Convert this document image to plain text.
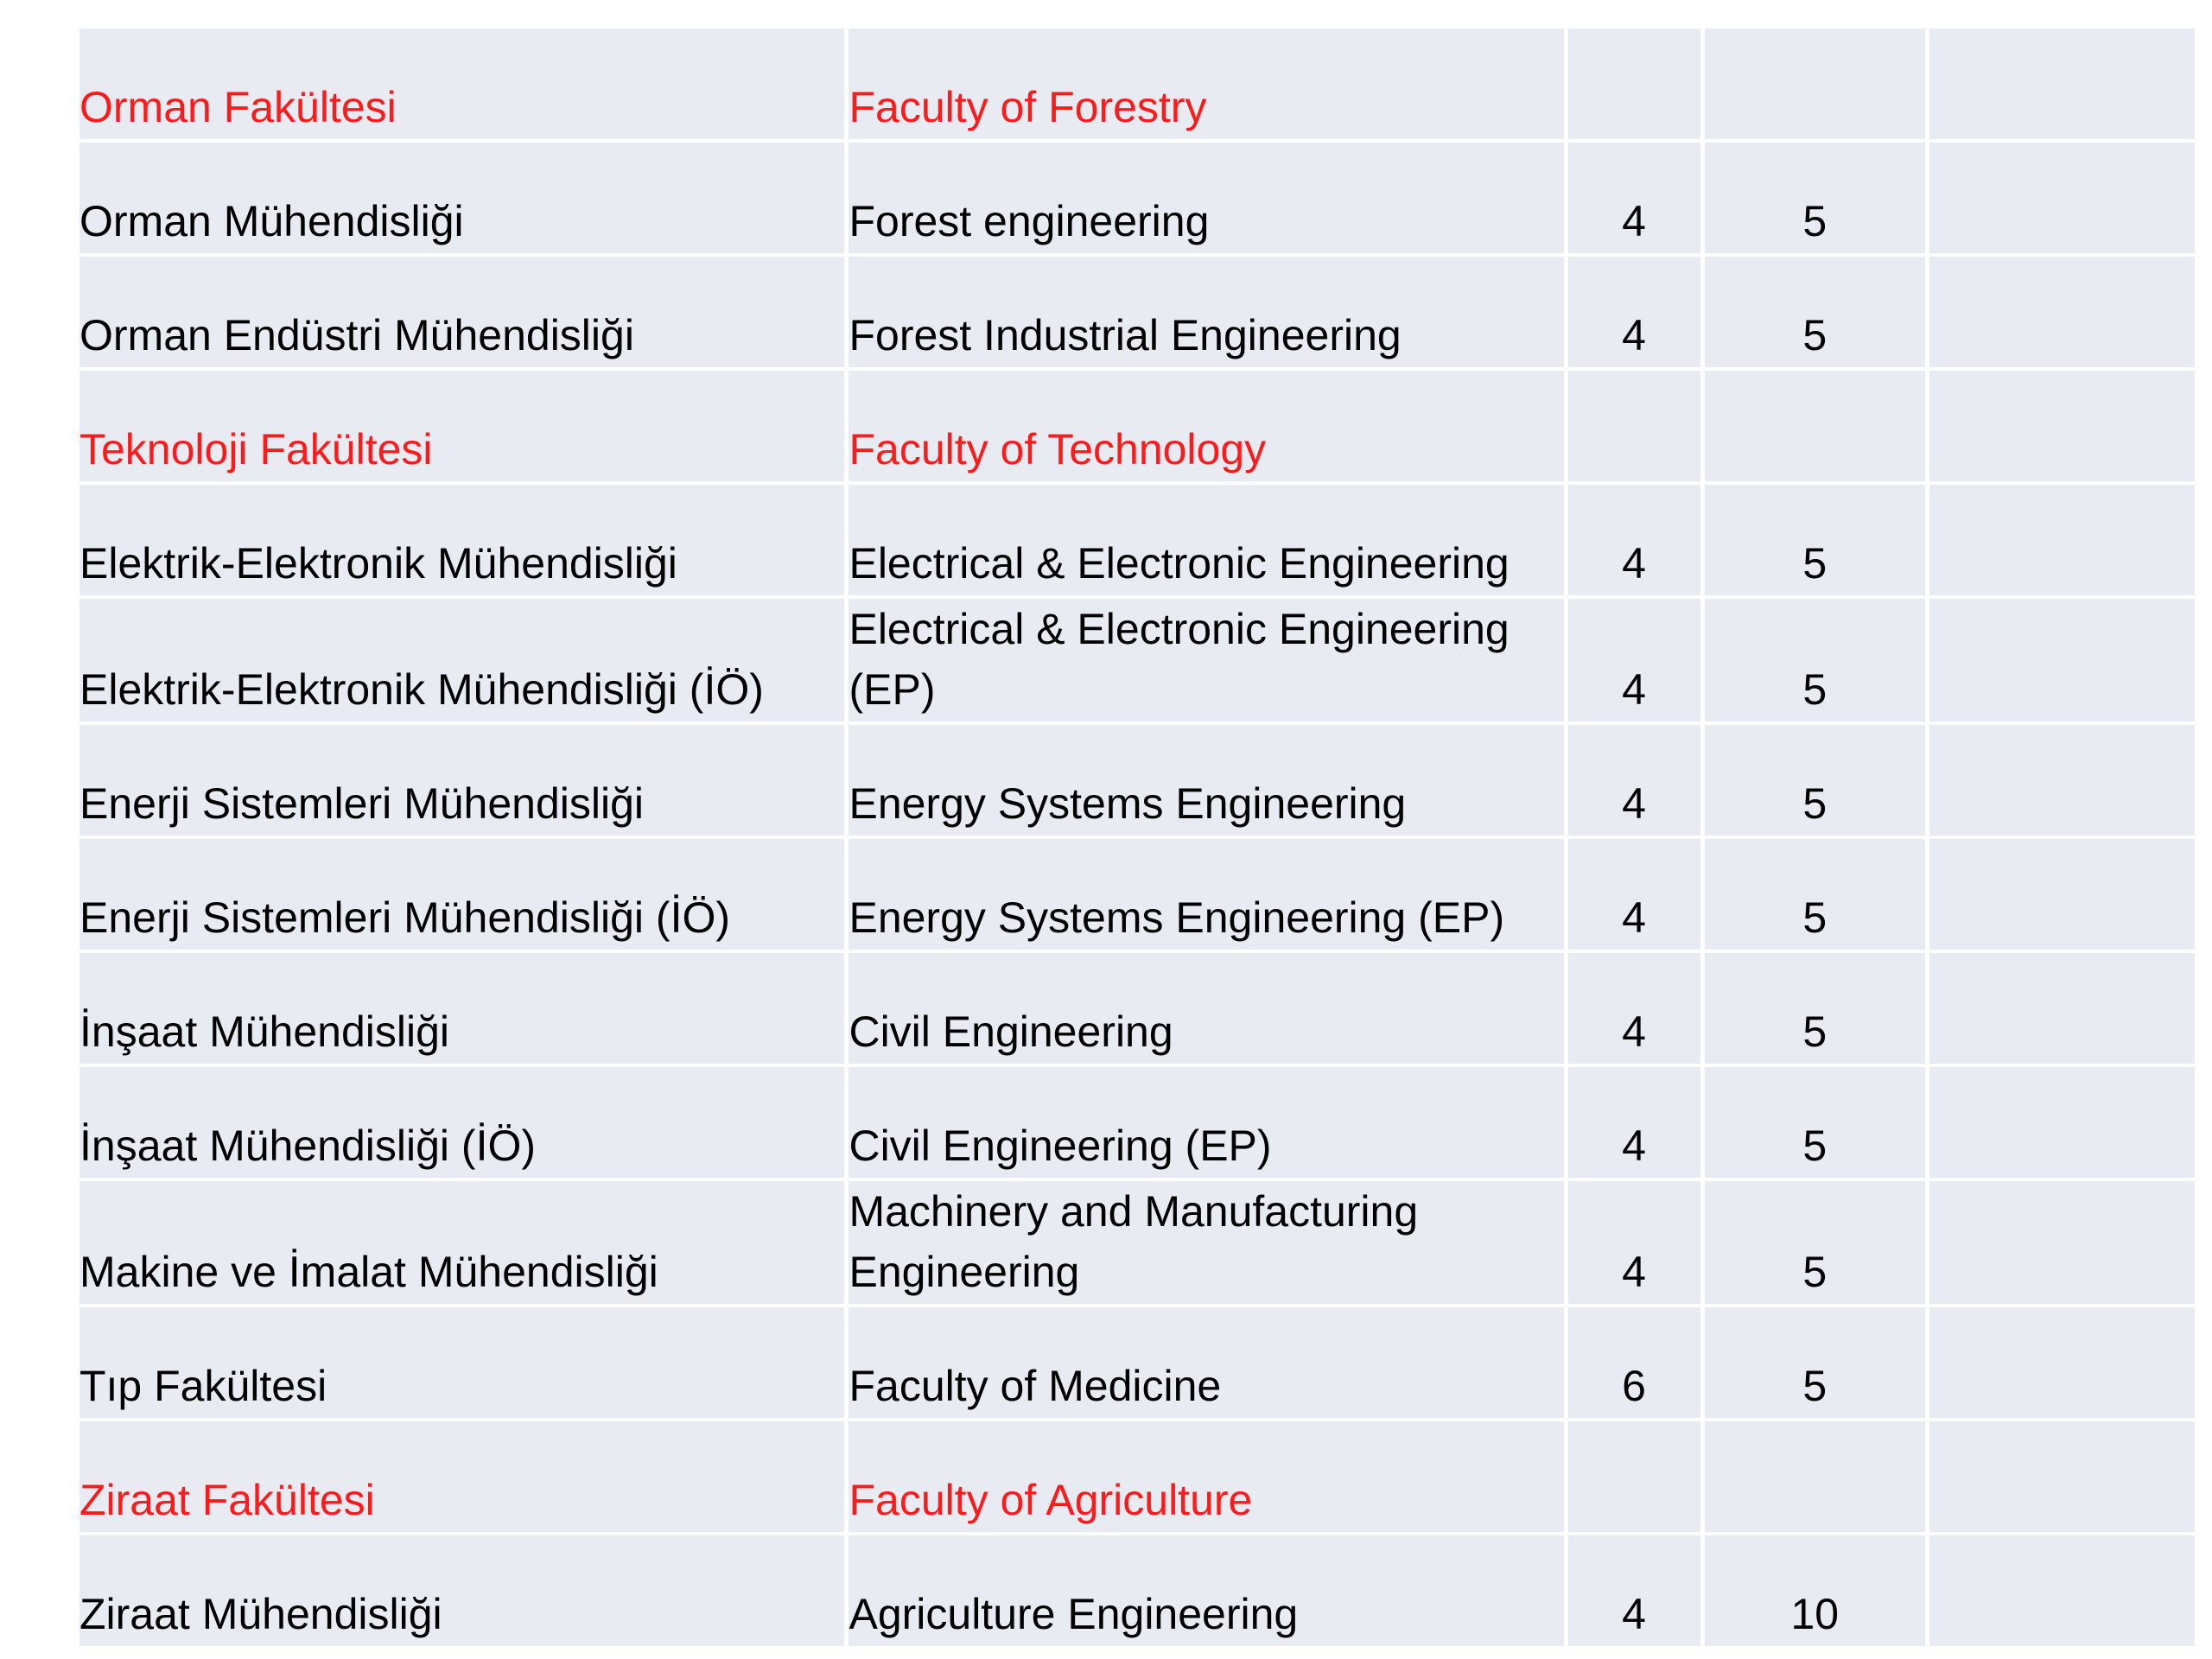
Orman Fakültesi	Faculty of Forestry			

Orman Mühendisliği	Forest engineering	4	5	

Orman Endüstri Mühendisliği	Forest Industrial Engineering	4	5	

Teknoloji Fakültesi	Faculty of Technology			

Elektrik-Elektronik Mühendisliği	Electrical & Electronic Engineering	4	5	

Elektrik-Elektronik Mühendisliği (İÖ)	Electrical & Electronic Engineering (EP)	4	5	

Enerji Sistemleri Mühendisliği	Energy Systems Engineering	4	5	

Enerji Sistemleri Mühendisliği (İÖ)	Energy Systems Engineering (EP)	4	5	

İnşaat Mühendisliği	Civil Engineering	4	5	

İnşaat Mühendisliği (İÖ)	Civil Engineering (EP)	4	5	

Makine ve İmalat Mühendisliği	Machinery and Manufacturing Engineering	4	5	

Tıp Fakültesi	Faculty of Medicine	6	5	

Ziraat Fakültesi	Faculty of Agriculture			

Ziraat Mühendisliği	Agriculture Engineering	4	10	
